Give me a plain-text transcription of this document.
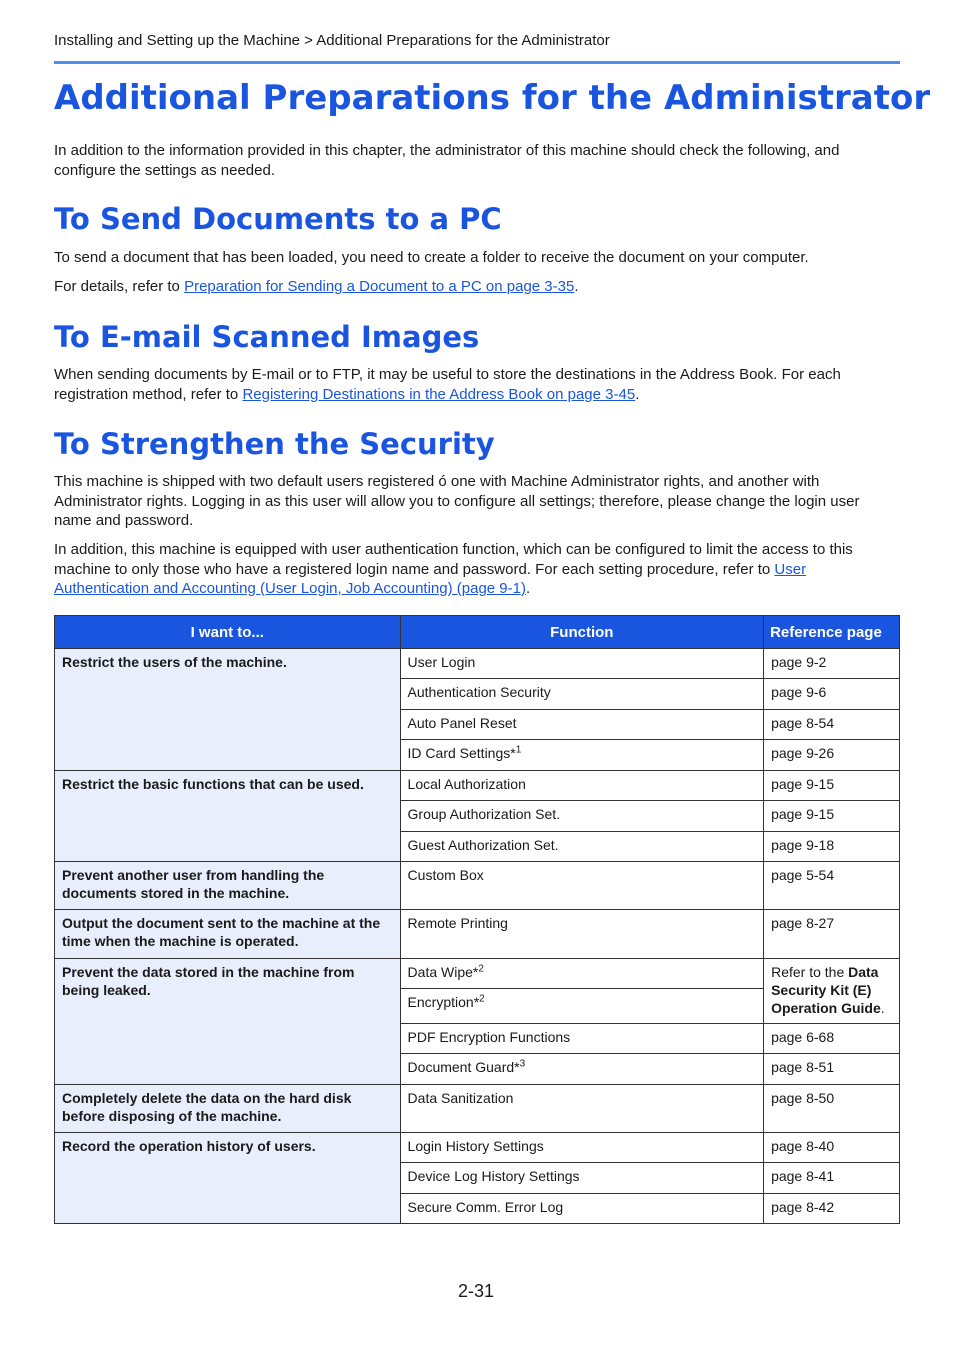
Installing and Setting up the Machine > Additional Preparations for the Administrator
Additional Preparations for the Administrator

In addition to the information provided in this chapter, the administrator of this machine should check the following, and configure the settings as needed.

To Send Documents to a PC

To send a document that has been loaded, you need to create a folder to receive the document on your computer.

For details, refer to Preparation for Sending a Document to a PC on page 3-35.

To E-mail Scanned Images

When sending documents by E-mail or to FTP, it may be useful to store the destinations in the Address Book. For each registration method, refer to Registering Destinations in the Address Book on page 3-45.

To Strengthen the Security

This machine is shipped with two default users registered ó one with Machine Administrator rights, and another with Administrator rights. Logging in as this user will allow you to configure all settings; therefore, please change the login user name and password.

In addition, this machine is equipped with user authentication function, which can be configured to limit the access to this machine to only those who have a registered login name and password. For each setting procedure, refer to User Authentication and Accounting (User Login, Job Accounting) (page 9-1).

I want to...	Function	Reference page
Restrict the users of the machine.	User Login	page 9-2
	Authentication Security	page 9-6
	Auto Panel Reset	page 8-54
	ID Card Settings*$^1$	page 9-26
Restrict the basic functions that can be used.	Local Authorization	page 9-15
	Group Authorization Set.	page 9-15
	Guest Authorization Set.	page 9-18
Prevent another user from handling the documents stored in the machine.	Custom Box	page 5-54
Output the document sent to the machine at the time when the machine is operated.	Remote Printing	page 8-27
Prevent the data stored in the machine from being leaked.	Data Wipe*$^2$	Refer to the Data Security Kit (E) Operation Guide.
	Encryption*$^2$
	PDF Encryption Functions	page 6-68
	Document Guard*$^3$	page 8-51
Completely delete the data on the hard disk before disposing of the machine.	Data Sanitization	page 8-50
Record the operation history of users.	Login History Settings	page 8-40
	Device Log History Settings	page 8-41
	Secure Comm. Error Log	page 8-42
2-31
